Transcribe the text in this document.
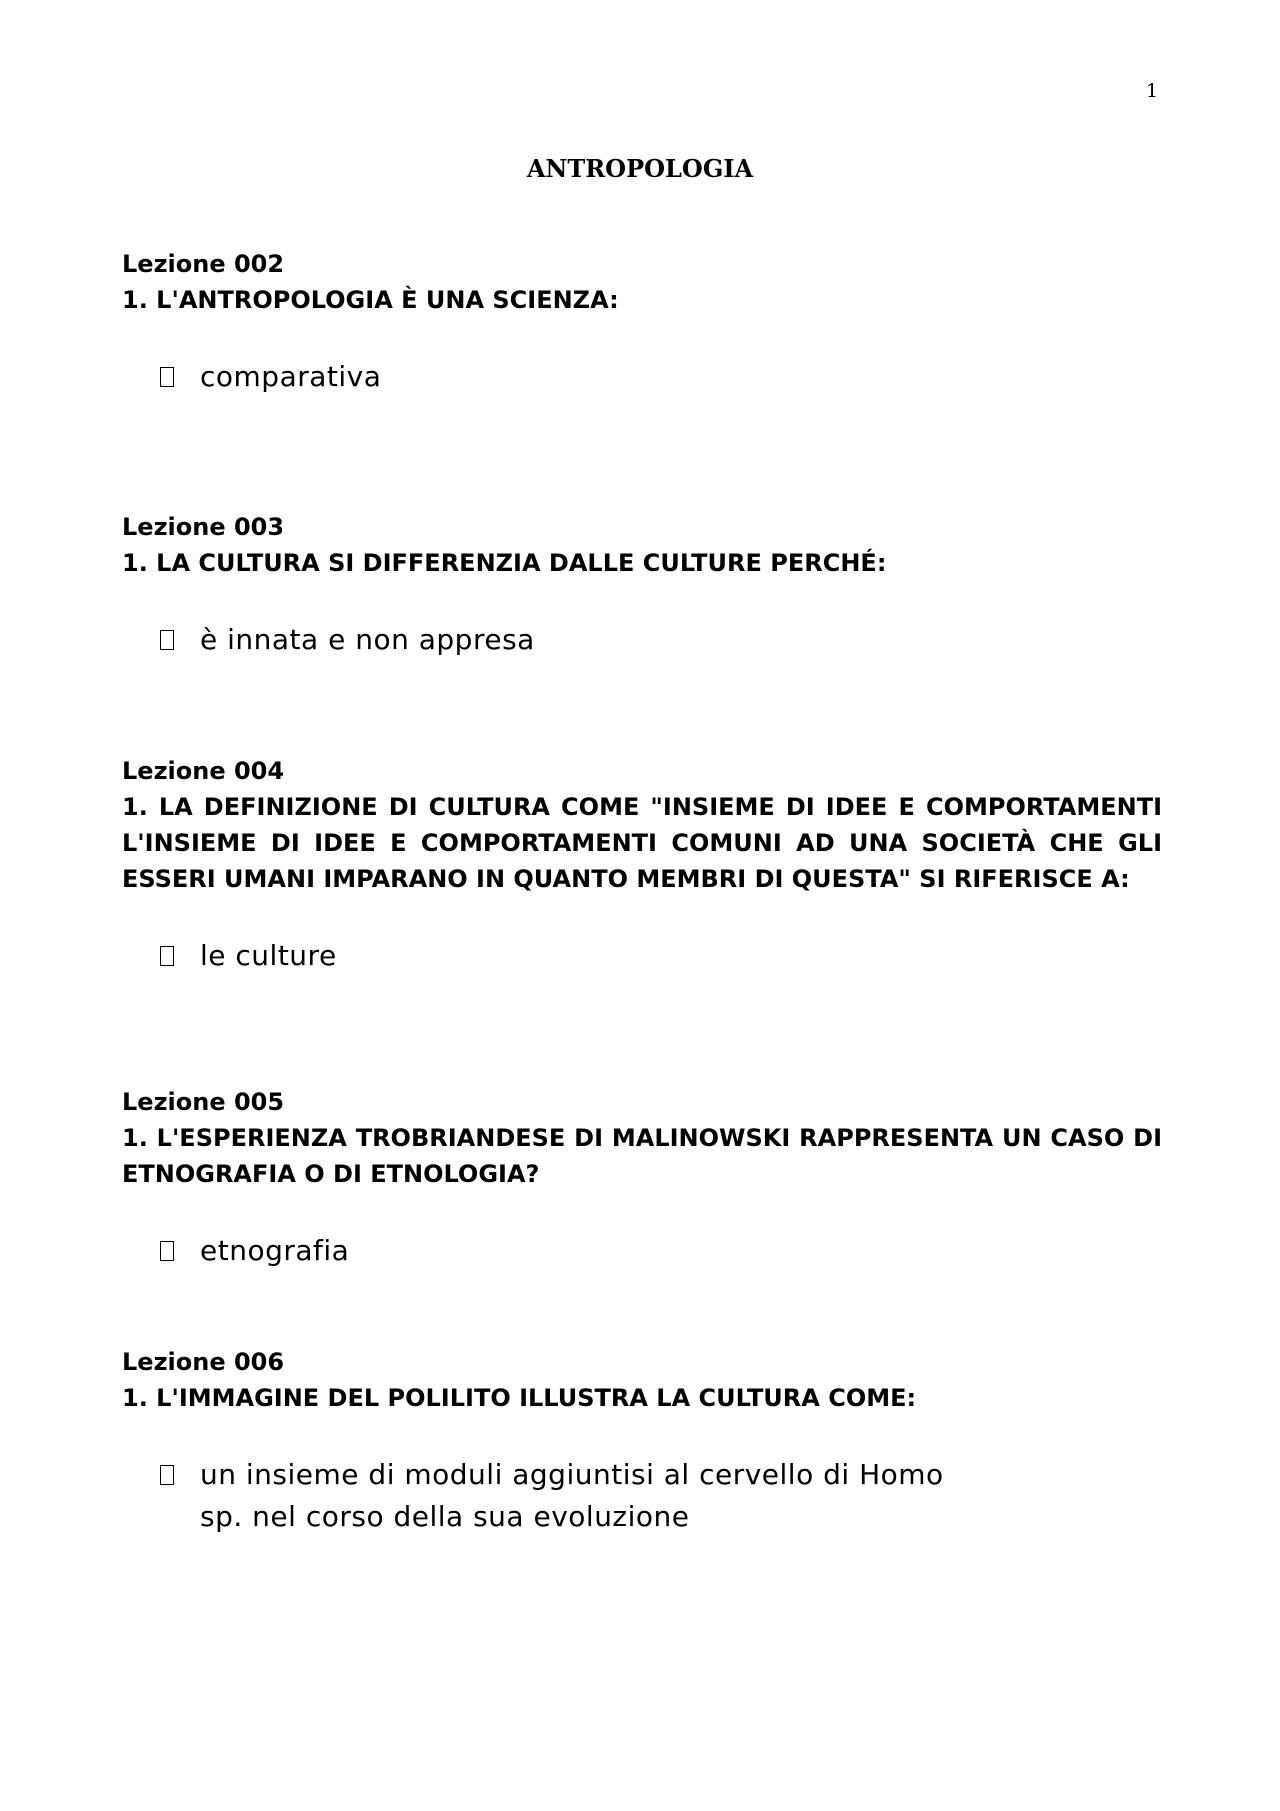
1
ANTROPOLOGIA
Lezione 002

1. L'ANTROPOLOGIA È UNA SCIENZA:

comparativa
Lezione 003

1. LA CULTURA SI DIFFERENZIA DALLE CULTURE PERCHÉ:

è innata e non appresa
Lezione 004

1. LA DEFINIZIONE DI CULTURA COME "INSIEME DI IDEE E COMPORTAMENTI L'INSIEME DI IDEE E COMPORTAMENTI COMUNI AD UNA SOCIETÀ CHE GLI ESSERI UMANI IMPARANO IN QUANTO MEMBRI DI QUESTA" SI RIFERISCE A:

le culture
Lezione 005

1. L'ESPERIENZA TROBRIANDESE DI MALINOWSKI RAPPRESENTA UN CASO DI ETNOGRAFIA O DI ETNOLOGIA?

etnografia
Lezione 006

1. L'IMMAGINE DEL POLILITO ILLUSTRA LA CULTURA COME:

un insieme di moduli aggiuntisi al cervello di Homo sp. nel corso della sua evoluzione
